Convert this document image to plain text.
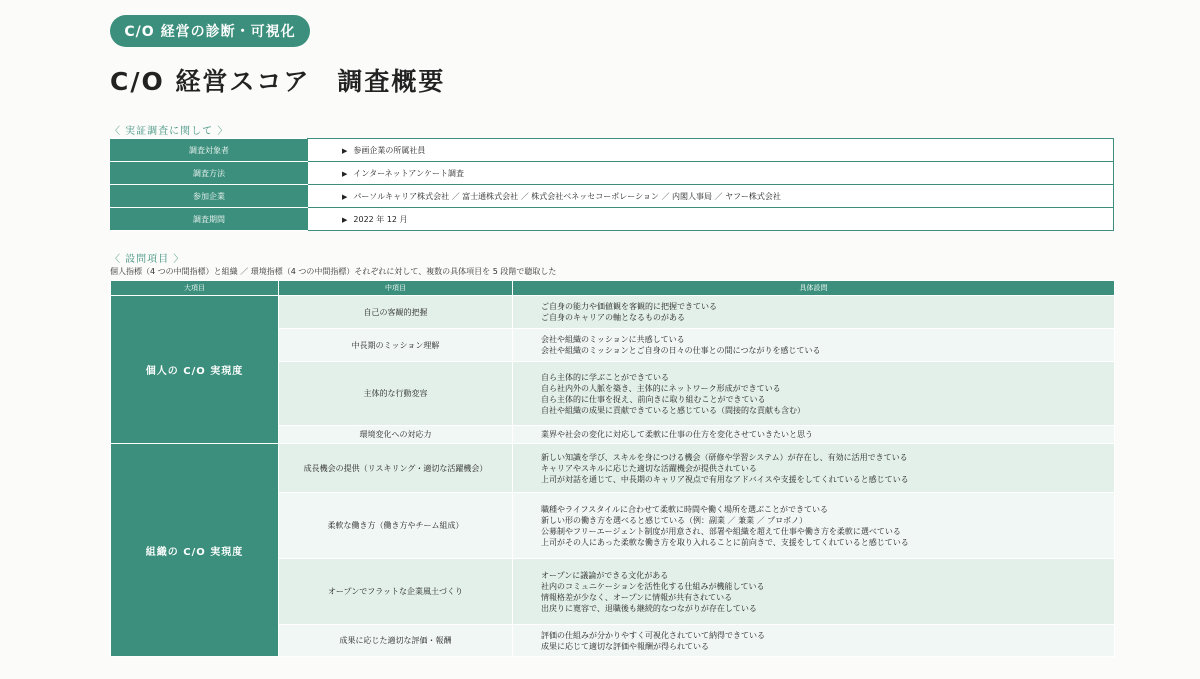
C/O 経営の診断・可視化
C/O 経営スコア　調査概要
〈 実証調査に関して 〉
調査対象者	▶ 参画企業の所属社員
調査方法	▶ インターネットアンケート調査
参加企業	▶ パーソルキャリア株式会社 ／ 富士通株式会社 ／ 株式会社ベネッセコーポレーション ／ 内閣人事局 ／ ヤフー株式会社
調査期間	▶ 2022 年 12 月
〈 設問項目 〉
個人指標（4 つの中間指標）と組織 ／ 環境指標（4 つの中間指標）それぞれに対して、複数の具体項目を 5 段階で聴取した
大項目	中項目	具体設問
個人の C/O 実現度	自己の客観的把握	ご自身の能力や価値観を客観的に把握できている
ご自身のキャリアの軸となるものがある

	中長期のミッション理解	会社や組織のミッションに共感している
会社や組織のミッションとご自身の日々の仕事との間につながりを感じている

	主体的な行動変容	自ら主体的に学ぶことができている
自ら社内外の人脈を築き、主体的にネットワーク形成ができている
自ら主体的に仕事を捉え、前向きに取り組むことができている
自社や組織の成果に貢献できていると感じている（間接的な貢献も含む）

	環境変化への対応力	業界や社会の変化に対応して柔軟に仕事の仕方を変化させていきたいと思う

組織の C/O 実現度	成長機会の提供（リスキリング・適切な活躍機会）	新しい知識を学び、スキルを身につける機会（研修や学習システム）が存在し、有効に活用できている
キャリアやスキルに応じた適切な活躍機会が提供されている
上司が対話を通じて、中長期のキャリア視点で有用なアドバイスや支援をしてくれていると感じている

	柔軟な働き方（働き方やチーム組成）	職種やライフスタイルに合わせて柔軟に時間や働く場所を選ぶことができている
新しい形の働き方を選べると感じている（例：副業 ／ 兼業 ／ プロボノ）
公募制やフリーエージェント制度が用意され、部署や組織を超えて仕事や働き方を柔軟に選べている
上司がその人にあった柔軟な働き方を取り入れることに前向きで、支援をしてくれていると感じている

	オープンでフラットな企業風土づくり	オープンに議論ができる文化がある
社内のコミュニケーションを活性化する仕組みが機能している
情報格差が少なく、オープンに情報が共有されている
出戻りに寛容で、退職後も継続的なつながりが存在している

	成果に応じた適切な評価・報酬	評価の仕組みが分かりやすく可視化されていて納得できている
成果に応じて適切な評価や報酬が得られている
